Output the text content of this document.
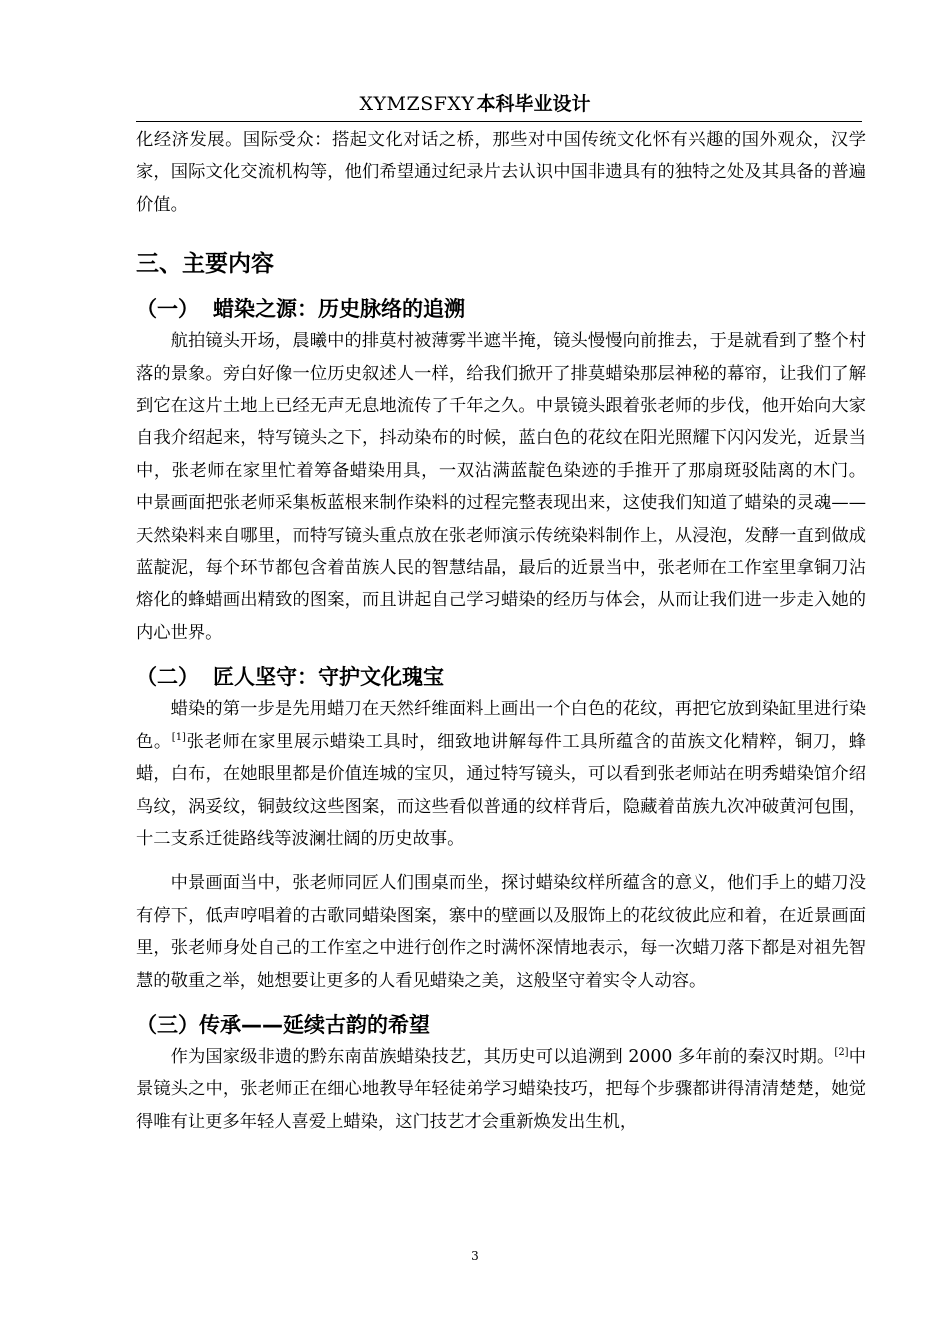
XYMZSFXY 本科毕业设计

化经济发展。国际受众：搭起文化对话之桥，那些对中国传统文化怀有兴趣的国外观众，汉学家，国际文化交流机构等，他们希望通过纪录片去认识中国非遗具有的独特之处及其具备的普遍价值。

三、主要内容
（一） 蜡染之源：历史脉络的追溯

航拍镜头开场，晨曦中的排莫村被薄雾半遮半掩，镜头慢慢向前推去，于是就看到了整个村落的景象。旁白好像一位历史叙述人一样，给我们掀开了排莫蜡染那层神秘的幕帘，让我们了解到它在这片土地上已经无声无息地流传了千年之久。中景镜头跟着张老师的步伐，他开始向大家自我介绍起来，特写镜头之下，抖动染布的时候，蓝白色的花纹在阳光照耀下闪闪发光，近景当中，张老师在家里忙着筹备蜡染用具，一双沾满蓝靛色染迹的手推开了那扇斑驳陆离的木门。 中景画面把张老师采集板蓝根来制作染料的过程完整表现出来，这使我们知道了蜡染的灵魂——天然染料来自哪里，而特写镜头重点放在张老师演示传统染料制作上，从浸泡，发酵一直到做成蓝靛泥，每个环节都包含着苗族人民的智慧结晶，最后的近景当中，张老师在工作室里拿铜刀沾熔化的蜂蜡画出精致的图案，而且讲起自己学习蜡染的经历与体会，从而让我们进一步走入她的内心世界。

（二） 匠人坚守：守护文化瑰宝

蜡染的第一步是先用蜡刀在天然纤维面料上画出一个白色的花纹，再把它放到染缸里进行染色。[1]张老师在家里展示蜡染工具时，细致地讲解每件工具所蕴含的苗族文化精粹，铜刀，蜂蜡，白布，在她眼里都是价值连城的宝贝，通过特写镜头，可以看到张老师站在明秀蜡染馆介绍鸟纹，涡妥纹，铜鼓纹这些图案，而这些看似普通的纹样背后，隐藏着苗族九次冲破黄河包围，十二支系迁徙路线等波澜壮阔的历史故事。

中景画面当中，张老师同匠人们围桌而坐，探讨蜡染纹样所蕴含的意义，他们手上的蜡刀没有停下，低声哼唱着的古歌同蜡染图案，寨中的壁画以及服饰上的花纹彼此应和着，在近景画面里，张老师身处自己的工作室之中进行创作之时满怀深情地表示，每一次蜡刀落下都是对祖先智慧的敬重之举，她想要让更多的人看见蜡染之美，这般坚守着实令人动容。

（三）传承——延续古韵的希望

作为国家级非遗的黔东南苗族蜡染技艺，其历史可以追溯到 2000 多年前的秦汉时期。[2]中景镜头之中，张老师正在细心地教导年轻徒弟学习蜡染技巧，把每个步骤都讲得清清楚楚，她觉得唯有让更多年轻人喜爱上蜡染，这门技艺才会重新焕发出生机，

3
